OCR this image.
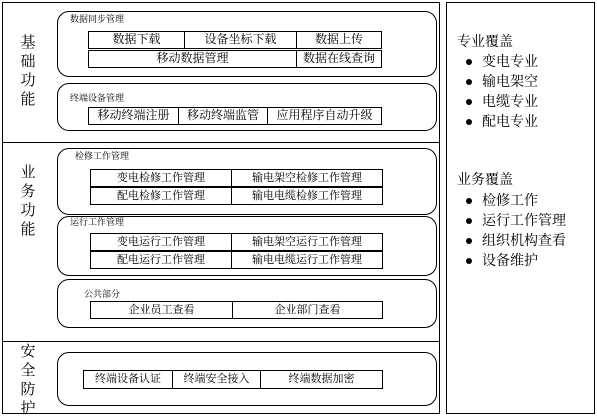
基础功能
业务功能
安全防护
数据同步管理
数据下载	设备坐标下载	数据上传
移动数据管理	数据在线查询
终端设备管理
移动终端注册	移动终端监管	应用程序自动升级
检修工作管理
变电检修工作管理	输电架空检修工作管理
配电检修工作管理	输电电缆检修工作管理
运行工作管理
变电运行工作管理	输电架空运行工作管理
配电运行工作管理	输电电缆运行工作管理
公共部分
企业员工查看	企业部门查看
终端设备认证	终端安全接入	终端数据加密
专业覆盖
变电专业
输电架空
电缆专业
配电专业
业务覆盖
检修工作
运行工作管理
组织机构查看
设备维护
